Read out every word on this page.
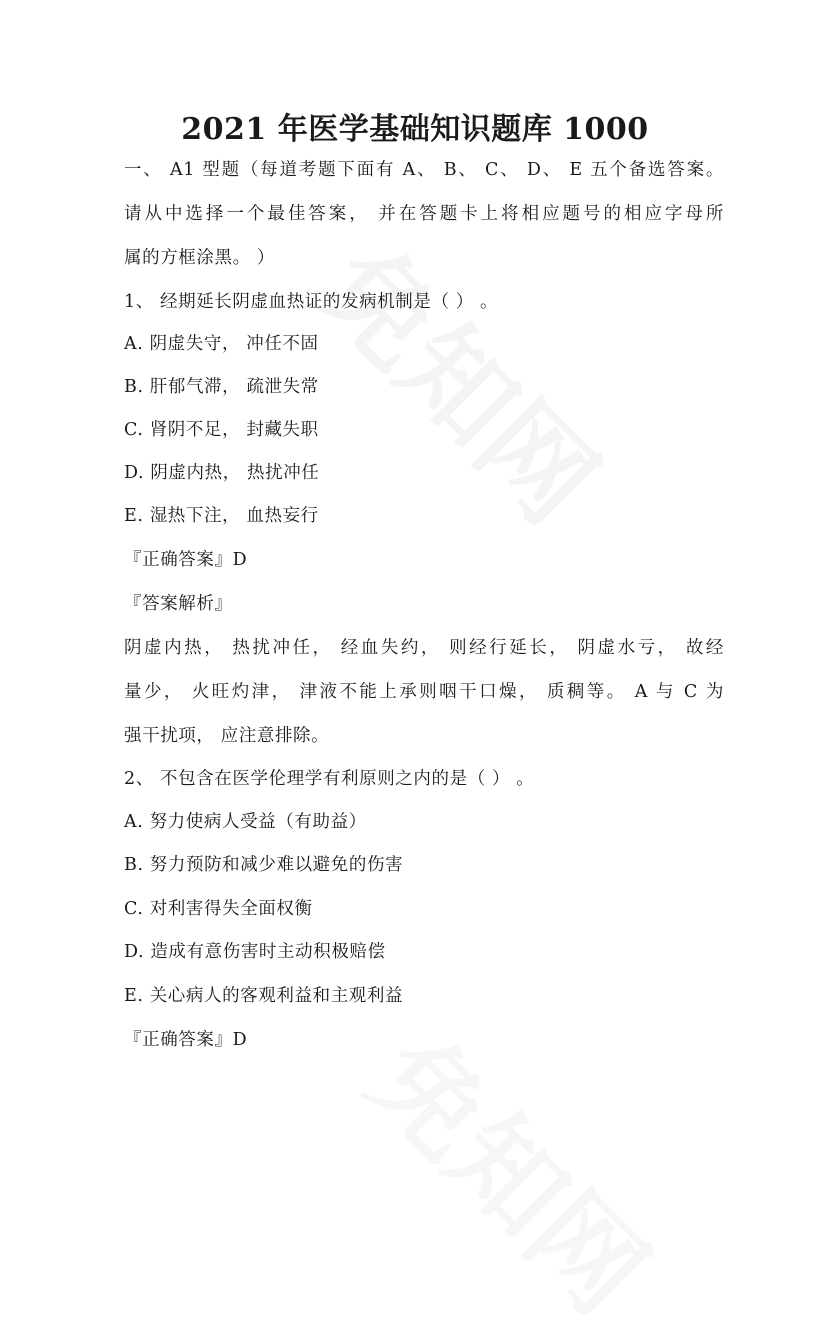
2021 年医学基础知识题库 1000
一、 A1 型题（每道考题下面有 A、 B、 C、 D、 E 五个备选答案。
请从中选择一个最佳答案， 并在答题卡上将相应题号的相应字母所
属的方框涂黑。 ）
1、 经期延长阴虚血热证的发病机制是（ ） 。
A. 阴虚失守， 冲任不固
B. 肝郁气滞， 疏泄失常
C. 肾阴不足， 封藏失职
D. 阴虚内热， 热扰冲任
E. 湿热下注， 血热妄行
『正确答案』D
『答案解析』
阴虚内热， 热扰冲任， 经血失约， 则经行延长， 阴虚水亏， 故经
量少， 火旺灼津， 津液不能上承则咽干口燥， 质稠等。 A 与 C 为
强干扰项， 应注意排除。
2、 不包含在医学伦理学有利原则之内的是（ ） 。
A. 努力使病人受益（有助益）
B. 努力预防和减少难以避免的伤害
C. 对利害得失全面权衡
D. 造成有意伤害时主动积极赔偿
E. 关心病人的客观利益和主观利益
『正确答案』D
